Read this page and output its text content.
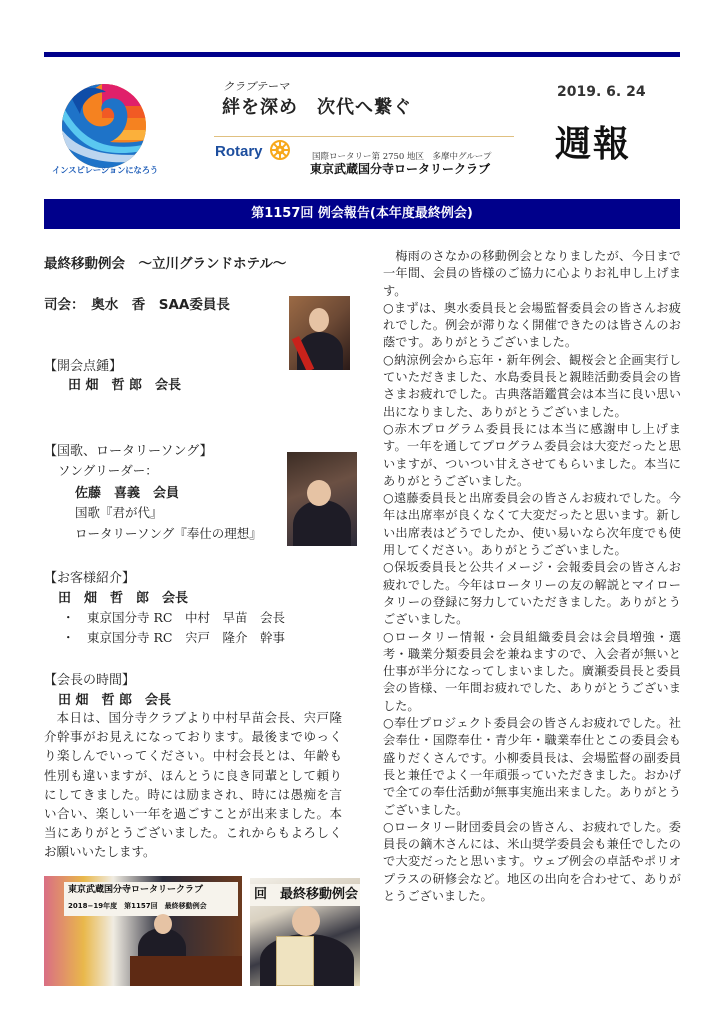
インスピレーションになろう
クラブテーマ
絆を深め　次代へ繋ぐ
Rotary	国際ロータリー第 2750 地区　多摩中グループ
東京武蔵国分寺ロータリークラブ
2019. 6. 24
週報
第1157回 例会報告(本年度最終例会)
最終移動例会　～立川グランドホテル～
司会：　奥水　香　SAA委員長
【開会点鍾】
田 畑　哲 郎　会長
【国歌、ロータリーソング】
ソングリーダー：
佐藤　喜義　会員
国歌『君が代』
ロータリーソング『奉仕の理想』
【お客様紹介】
田　畑　哲　郎　会長
・　東京国分寺 RC　中村　早苗　会長
・　東京国分寺 RC　宍戸　隆介　幹事
【会長の時間】
田 畑　哲 郎　会長
本日は、国分寺クラブより中村早苗会長、宍戸隆介幹事がお見えになっております。最後までゆっくり楽しんでいってください。中村会長とは、年齢も性別も違いますが、ほんとうに良き同輩として頼りにしてきました。時には励まされ、時には愚痴を言い合い、楽しい一年を過ごすことが出来ました。本当にありがとうございました。これからもよろしくお願いいたします。
東京武蔵国分寺ロータリークラブ
2018−19年度　第1157回　最終移動例会
回　最終移動例会

梅雨のさなかの移動例会となりましたが、今日まで一年間、会員の皆様のご協力に心よりお礼申し上げます。

○まずは、奥水委員長と会場監督委員会の皆さんお疲れでした。例会が滞りなく開催できたのは皆さんのお蔭です。ありがとうございました。

○納涼例会から忘年・新年例会、観桜会と企画実行していただきました、水島委員長と親睦活動委員会の皆さまお疲れでした。古典落語鑑賞会は本当に良い思い出になりました、ありがとうございました。

○赤木プログラム委員長には本当に感謝申し上げます。一年を通してプログラム委員会は大変だったと思いますが、ついつい甘えさせてもらいました。本当にありがとうございました。

○遠藤委員長と出席委員会の皆さんお疲れでした。今年は出席率が良くなくて大変だったと思います。新しい出席表はどうでしたか、使い易いなら次年度でも使用してください。ありがとうございました。

○保坂委員長と公共イメージ・会報委員会の皆さんお疲れでした。今年はロータリーの友の解説とマイロータリーの登録に努力していただきました。ありがとうございました。

○ロータリー情報・会員組織委員会は会員増強・選考・職業分類委員会を兼ねますので、入会者が無いと仕事が半分になってしまいました。廣瀬委員長と委員会の皆様、一年間お疲れでした、ありがとうございました。

○奉仕プロジェクト委員会の皆さんお疲れでした。社会奉仕・国際奉仕・青少年・職業奉仕とこの委員会も盛りだくさんです。小柳委員長は、会場監督の副委員長と兼任でよく一年頑張っていただきました。おかげで全ての奉仕活動が無事実施出来ました。ありがとうございました。

○ロータリー財団委員会の皆さん、お疲れでした。委員長の鏑木さんには、米山奨学委員会も兼任でしたので大変だったと思います。ウェブ例会の卓話やポリオプラスの研修会など。地区の出向を合わせて、ありがとうございました。
